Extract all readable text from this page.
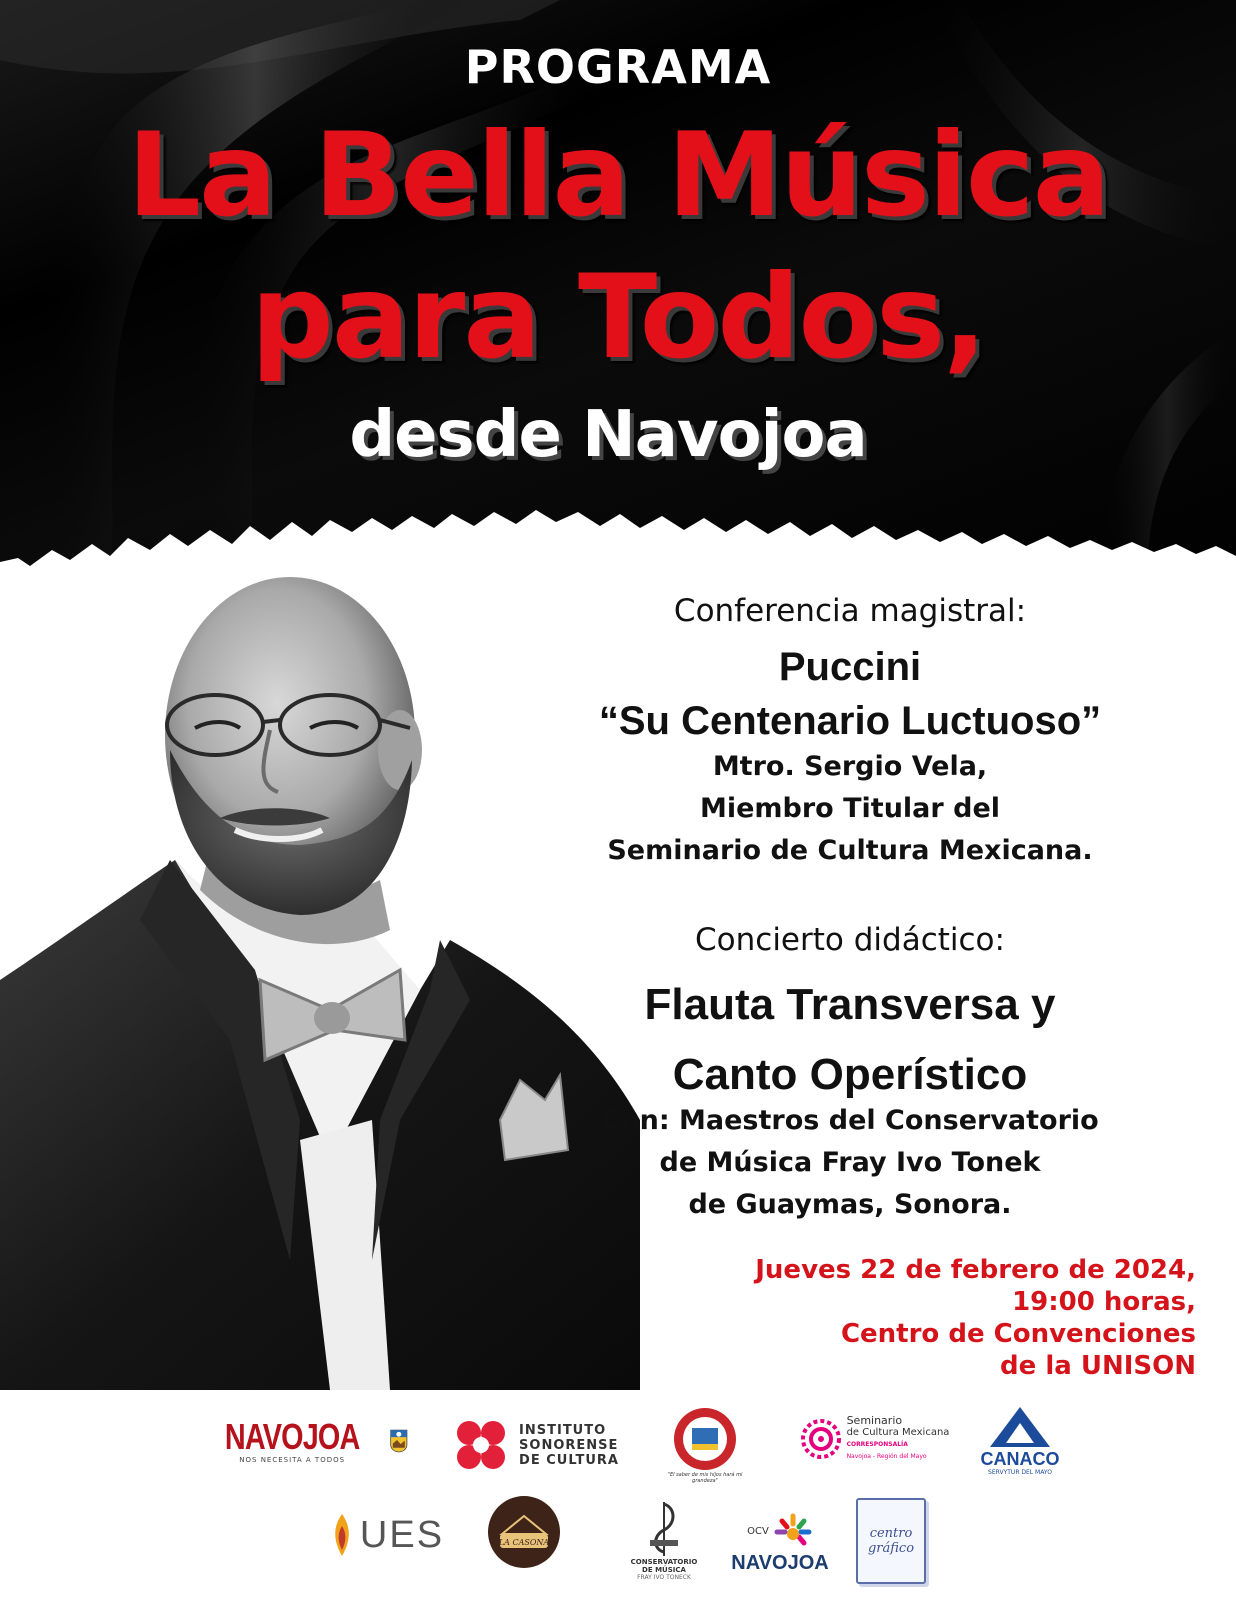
PROGRAMA
La Bella Música
para Todos,
desde Navojoa
Conferencia magistral:
Puccini
“Su Centenario Luctuoso”
Mtro. Sergio Vela,
Miembro Titular del
Seminario de Cultura Mexicana.
Concierto didáctico:
Flauta Transversa y
Canto Operístico
Con: Maestros del Conservatorio
de Música Fray Ivo Tonek
de Guaymas, Sonora.
Jueves 22 de febrero de 2024,
19:00 horas,
Centro de Convenciones
de la UNISON
NAVOJOA
NOS NECESITA A TODOS
INSTITUTO
SONORENSE
DE CULTURA
"El saber de mis hijos hará mi grandeza"
Seminario
de Cultura Mexicana
CORRESPONSALÍA
Navojoa - Región del Mayo	CANACO
SERVYTUR DEL MAYO
UES	LA CASONA
CONSERVATORIO
DE MÚSICA
FRAY IVO TONECK
OCV
NAVOJOA
centro
gráfico
